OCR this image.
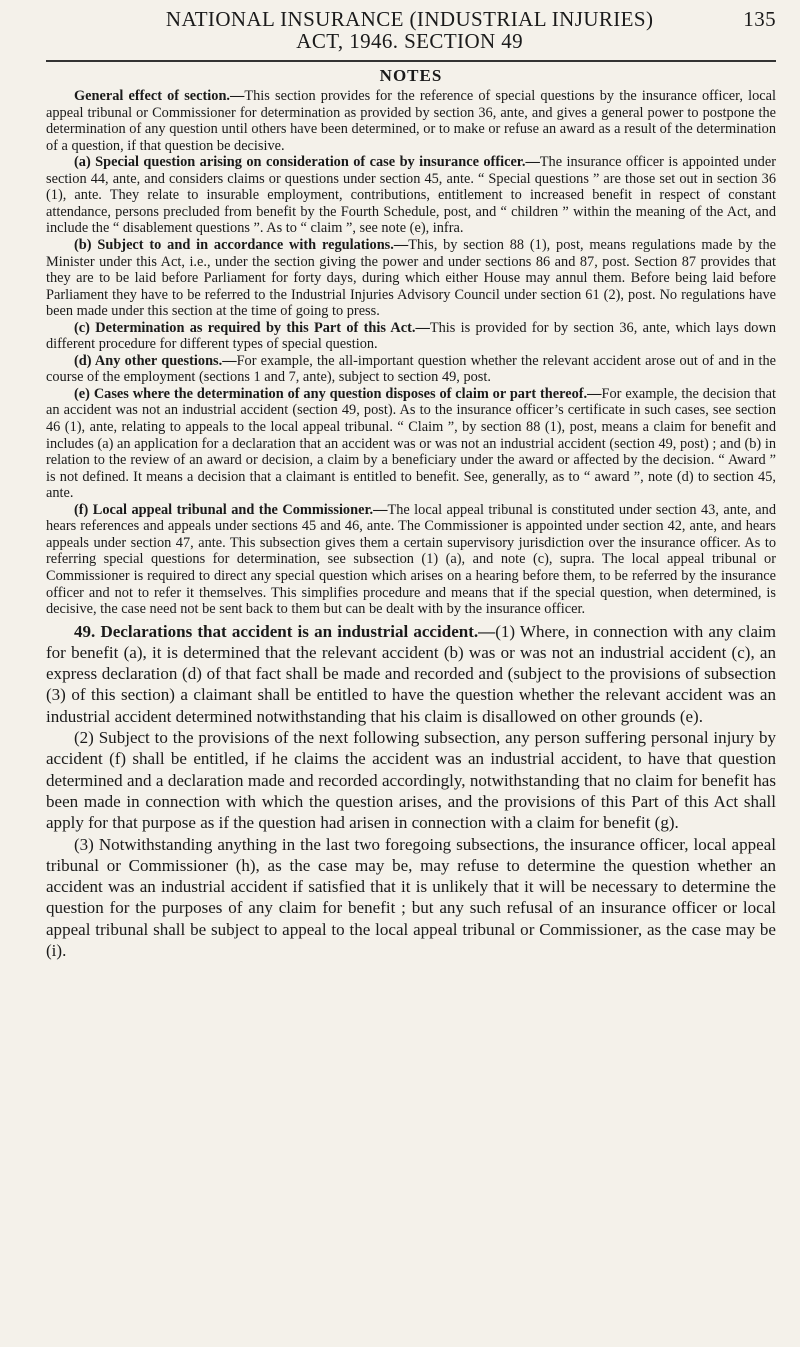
NATIONAL INSURANCE (INDUSTRIAL INJURIES)
ACT, 1946. SECTION 49
135
NOTES

General effect of section.—This section provides for the reference of special questions by the insurance officer, local appeal tribunal or Commissioner for determination as provided by section 36, ante, and gives a general power to postpone the determination of any question until others have been determined, or to make or refuse an award as a result of the determination of a question, if that question be decisive.

(a) Special question arising on consideration of case by insurance officer.—The insurance officer is appointed under section 44, ante, and considers claims or questions under section 45, ante. “ Special questions ” are those set out in section 36 (1), ante. They relate to insurable employment, contributions, entitlement to increased benefit in respect of constant attendance, persons precluded from benefit by the Fourth Schedule, post, and “ children ” within the meaning of the Act, and include the “ disablement questions ”. As to “ claim ”, see note (e), infra.

(b) Subject to and in accordance with regulations.—This, by section 88 (1), post, means regulations made by the Minister under this Act, i.e., under the section giving the power and under sections 86 and 87, post. Section 87 provides that they are to be laid before Parliament for forty days, during which either House may annul them. Before being laid before Parliament they have to be referred to the Industrial Injuries Advisory Council under section 61 (2), post. No regulations have been made under this section at the time of going to press.

(c) Determination as required by this Part of this Act.—This is provided for by section 36, ante, which lays down different procedure for different types of special question.

(d) Any other questions.—For example, the all-important question whether the relevant accident arose out of and in the course of the employment (sections 1 and 7, ante), subject to section 49, post.

(e) Cases where the determination of any question disposes of claim or part thereof.—For example, the decision that an accident was not an industrial accident (section 49, post). As to the insurance officer’s certificate in such cases, see section 46 (1), ante, relating to appeals to the local appeal tribunal. “ Claim ”, by section 88 (1), post, means a claim for benefit and includes (a) an application for a declaration that an accident was or was not an industrial accident (section 49, post) ; and (b) in relation to the review of an award or decision, a claim by a beneficiary under the award or affected by the decision. “ Award ” is not defined. It means a decision that a claimant is entitled to benefit. See, generally, as to “ award ”, note (d) to section 45, ante.

(f) Local appeal tribunal and the Commissioner.—The local appeal tribunal is constituted under section 43, ante, and hears references and appeals under sections 45 and 46, ante. The Commissioner is appointed under section 42, ante, and hears appeals under section 47, ante. This subsection gives them a certain supervisory jurisdiction over the insurance officer. As to referring special questions for determination, see subsection (1) (a), and note (c), supra. The local appeal tribunal or Commissioner is required to direct any special question which arises on a hearing before them, to be referred by the insurance officer and not to refer it themselves. This simplifies procedure and means that if the special question, when determined, is decisive, the case need not be sent back to them but can be dealt with by the insurance officer.

49. Declarations that accident is an industrial accident.—(1) Where, in connection with any claim for benefit (a), it is determined that the relevant accident (b) was or was not an industrial accident (c), an express declaration (d) of that fact shall be made and recorded and (subject to the provisions of subsection (3) of this section) a claimant shall be entitled to have the question whether the relevant accident was an industrial accident determined notwithstanding that his claim is disallowed on other grounds (e).

(2) Subject to the provisions of the next following subsection, any person suffering personal injury by accident (f) shall be entitled, if he claims the accident was an industrial accident, to have that question determined and a declaration made and recorded accordingly, notwithstanding that no claim for benefit has been made in connection with which the question arises, and the provisions of this Part of this Act shall apply for that purpose as if the question had arisen in connection with a claim for benefit (g).

(3) Notwithstanding anything in the last two foregoing subsections, the insurance officer, local appeal tribunal or Commissioner (h), as the case may be, may refuse to determine the question whether an accident was an industrial accident if satisfied that it is unlikely that it will be necessary to determine the question for the purposes of any claim for benefit ; but any such refusal of an insurance officer or local appeal tribunal shall be subject to appeal to the local appeal tribunal or Commissioner, as the case may be (i).
